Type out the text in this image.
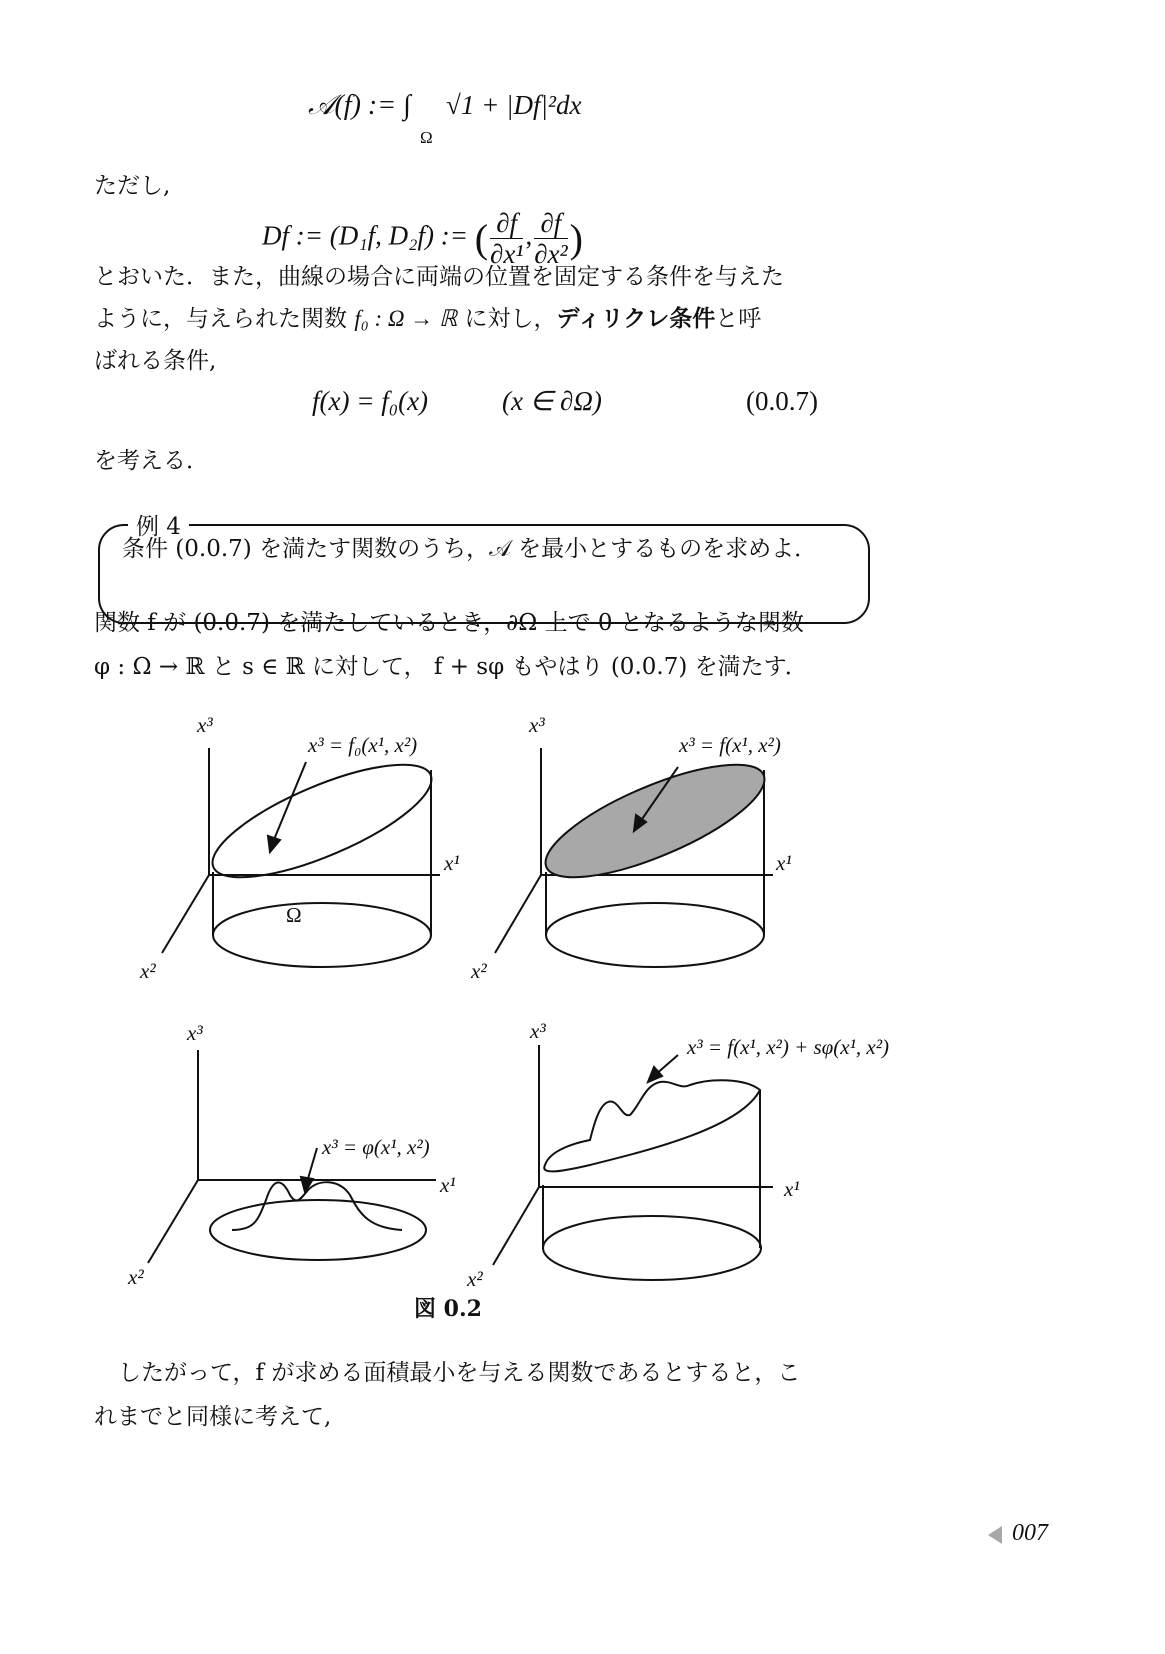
𝒜(f) := ∫
Ω
√1 + |Df|²dx
ただし,
Df := (D₁f, D₂f) := ( $\frac{\partial f}{\text{∂x¹}}$ , $\frac{\partial f}{\text{∂x²}}$ )
とおいた．また，曲線の場合に両端の位置を固定する条件を与えた
ように，与えられた関数 f₀ : Ω → ℝ に対し，ディリクレ条件と呼
ばれる条件,
f(x) = f₀(x)	(x ∈ ∂Ω)	(0.0.7)
を考える．
例 4
条件 (0.0.7) を満たす関数のうち，𝒜 を最小とするものを求めよ．
関数 f が (0.0.7) を満たしているとき，∂Ω 上で 0 となるような関数
φ : Ω → ℝ と s ∈ ℝ に対して， f + sφ もやはり (0.0.7) を満たす．
x³
x¹
x²
Ω
x³ = f₀(x¹, x²)
x³
x¹
x²
x³ = f(x¹, x²)
x³
x¹
x²
x³ = φ(x¹, x²)
x³
x¹
x²
x³ = f(x¹, x²) + sφ(x¹, x²)
図 0.2
したがって，f が求める面積最小を与える関数であるとすると，こ
れまでと同様に考えて,
007
